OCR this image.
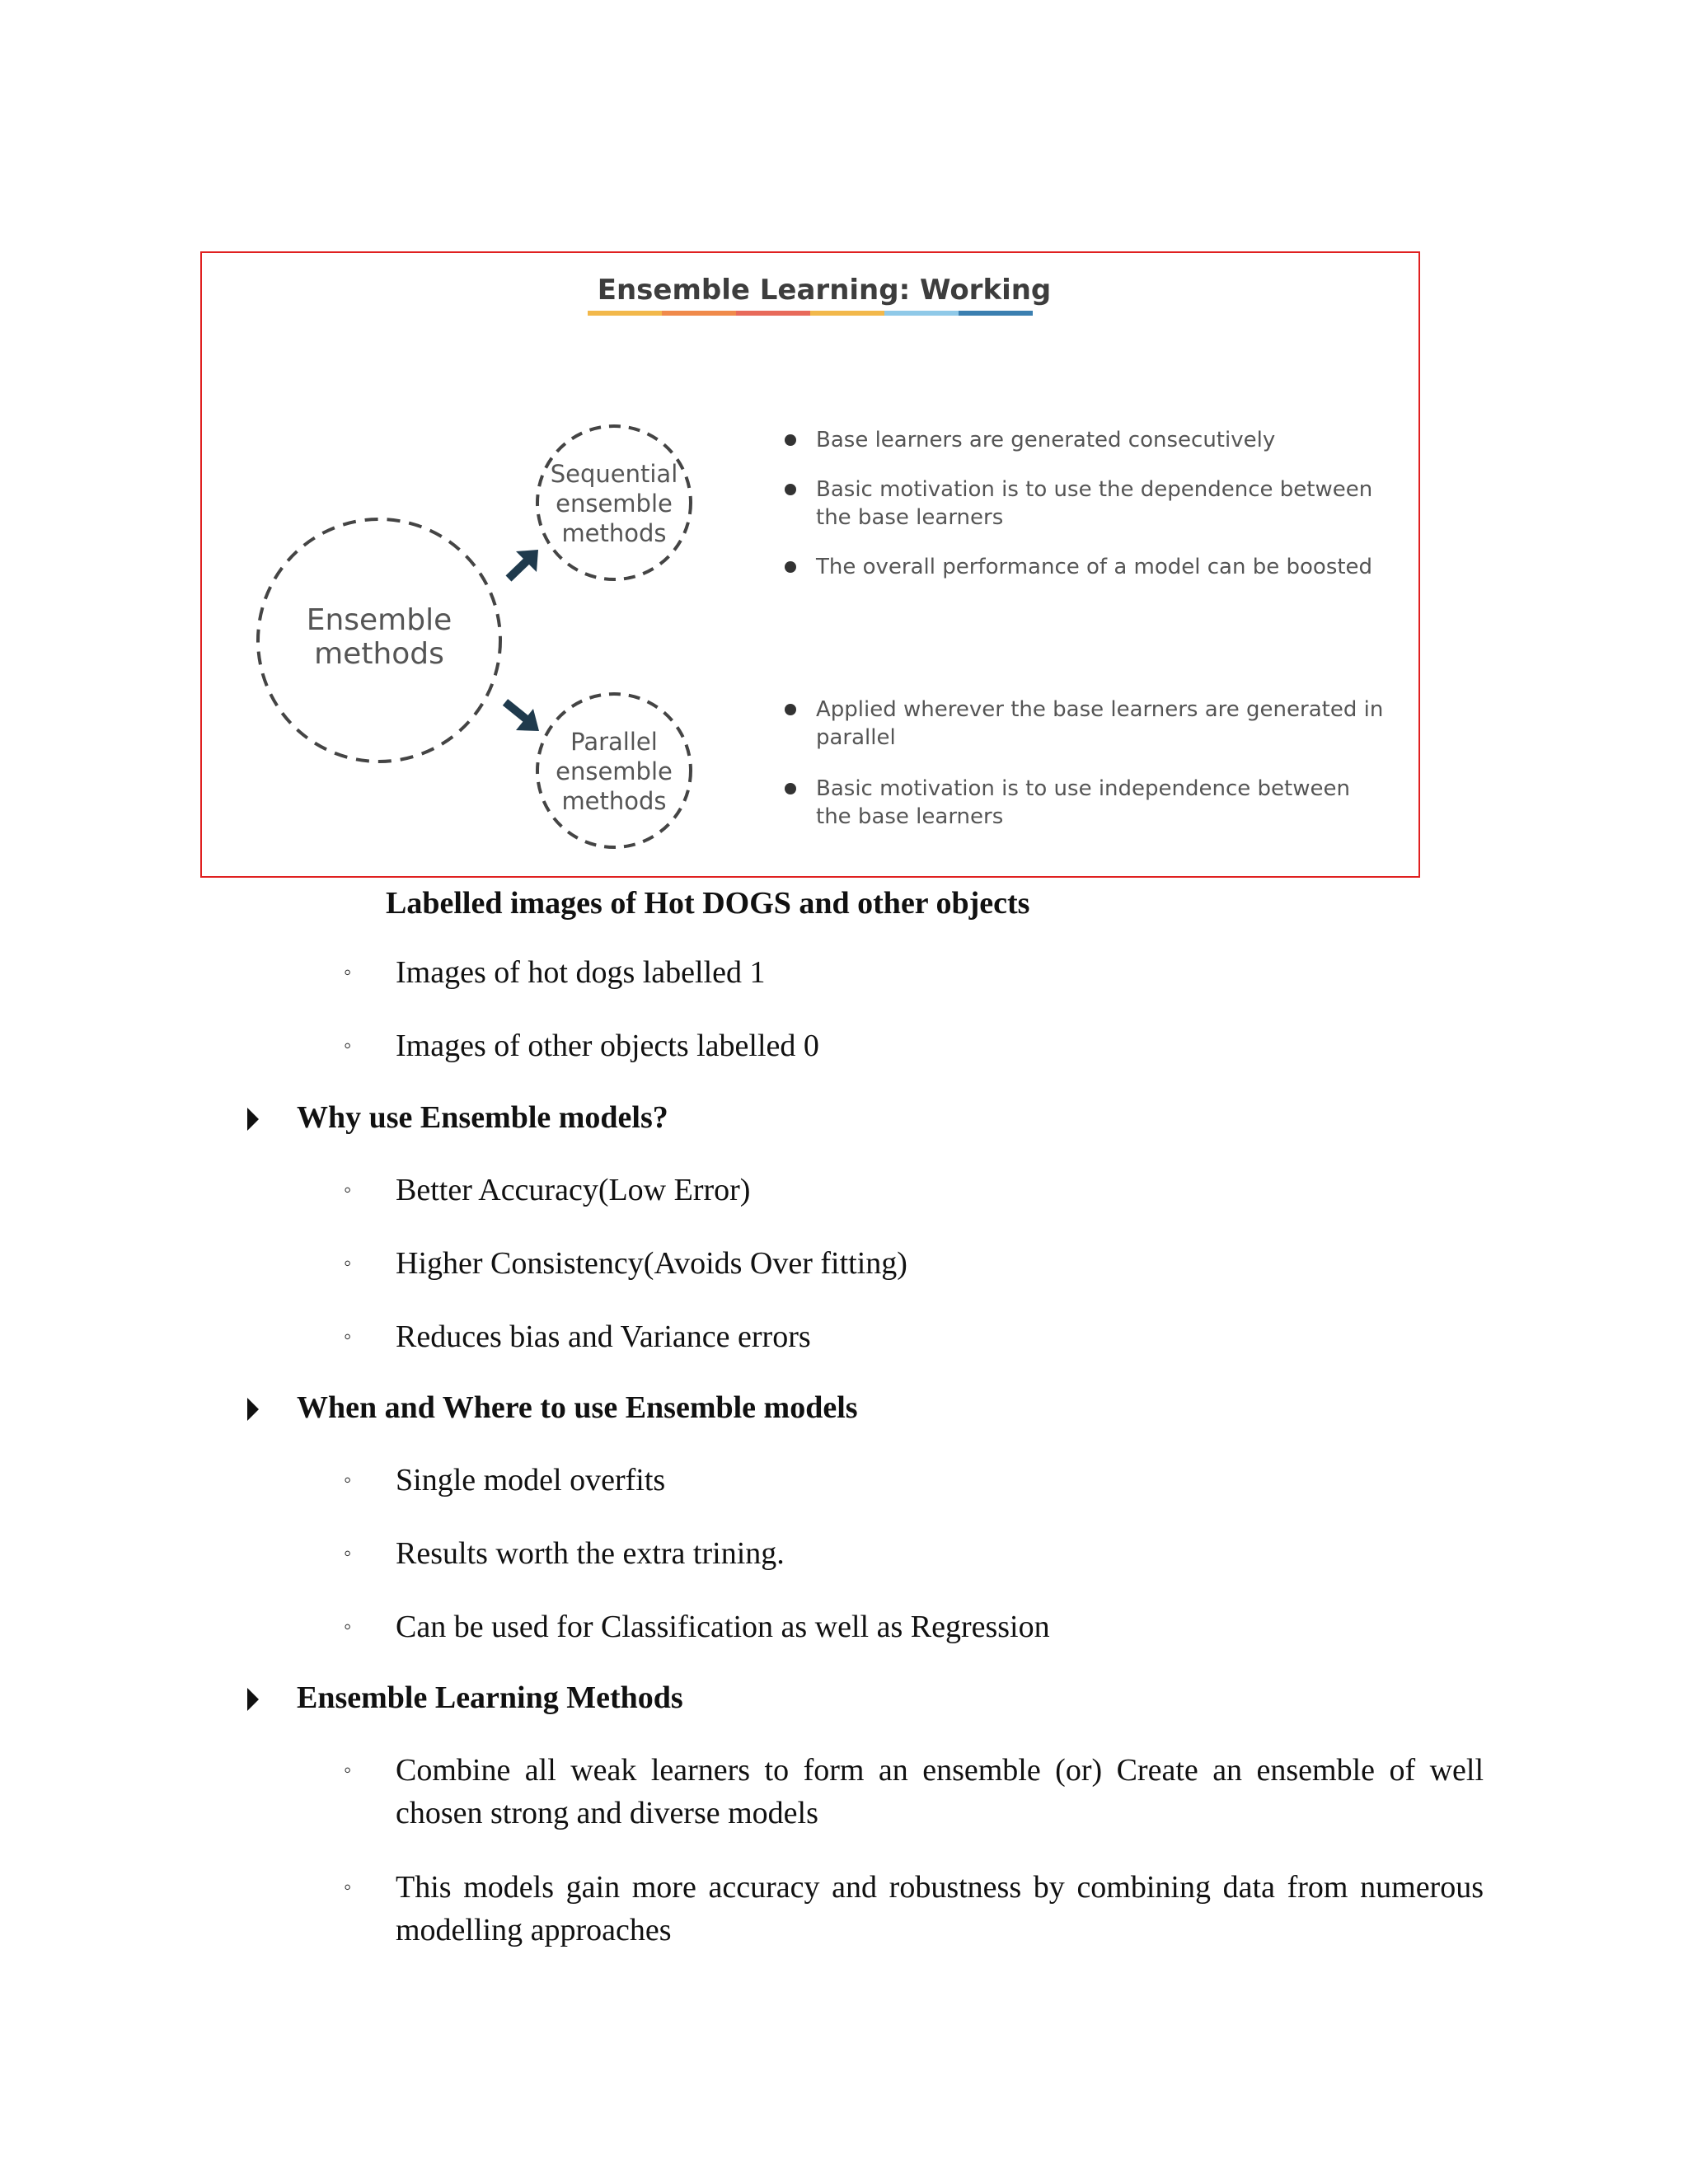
Ensemble Learning: Working
Ensemble
methods
Sequential
ensemble
methods
Parallel
ensemble
methods

Base learners are generated consecutively

Basic motivation is to use the dependence between the base learners

The overall performance of a model can be boosted

Applied wherever the base learners are generated in parallel

Basic motivation is to use independence between the base learners

Labelled images of Hot DOGS and other objects
◦ Images of hot dogs labelled 1
◦ Images of other objects labelled 0
Why use Ensemble models?
◦ Better Accuracy(Low Error)
◦ Higher Consistency(Avoids Over fitting)
◦ Reduces bias and Variance errors
When and Where to use Ensemble models
◦ Single model overfits
◦ Results worth the extra trining.
◦ Can be used for Classification as well as Regression
Ensemble Learning Methods
◦ Combine all weak learners to form an ensemble (or) Create an ensemble of well chosen strong and diverse models
◦ This models gain more accuracy and robustness by combining data from numerous modelling approaches
